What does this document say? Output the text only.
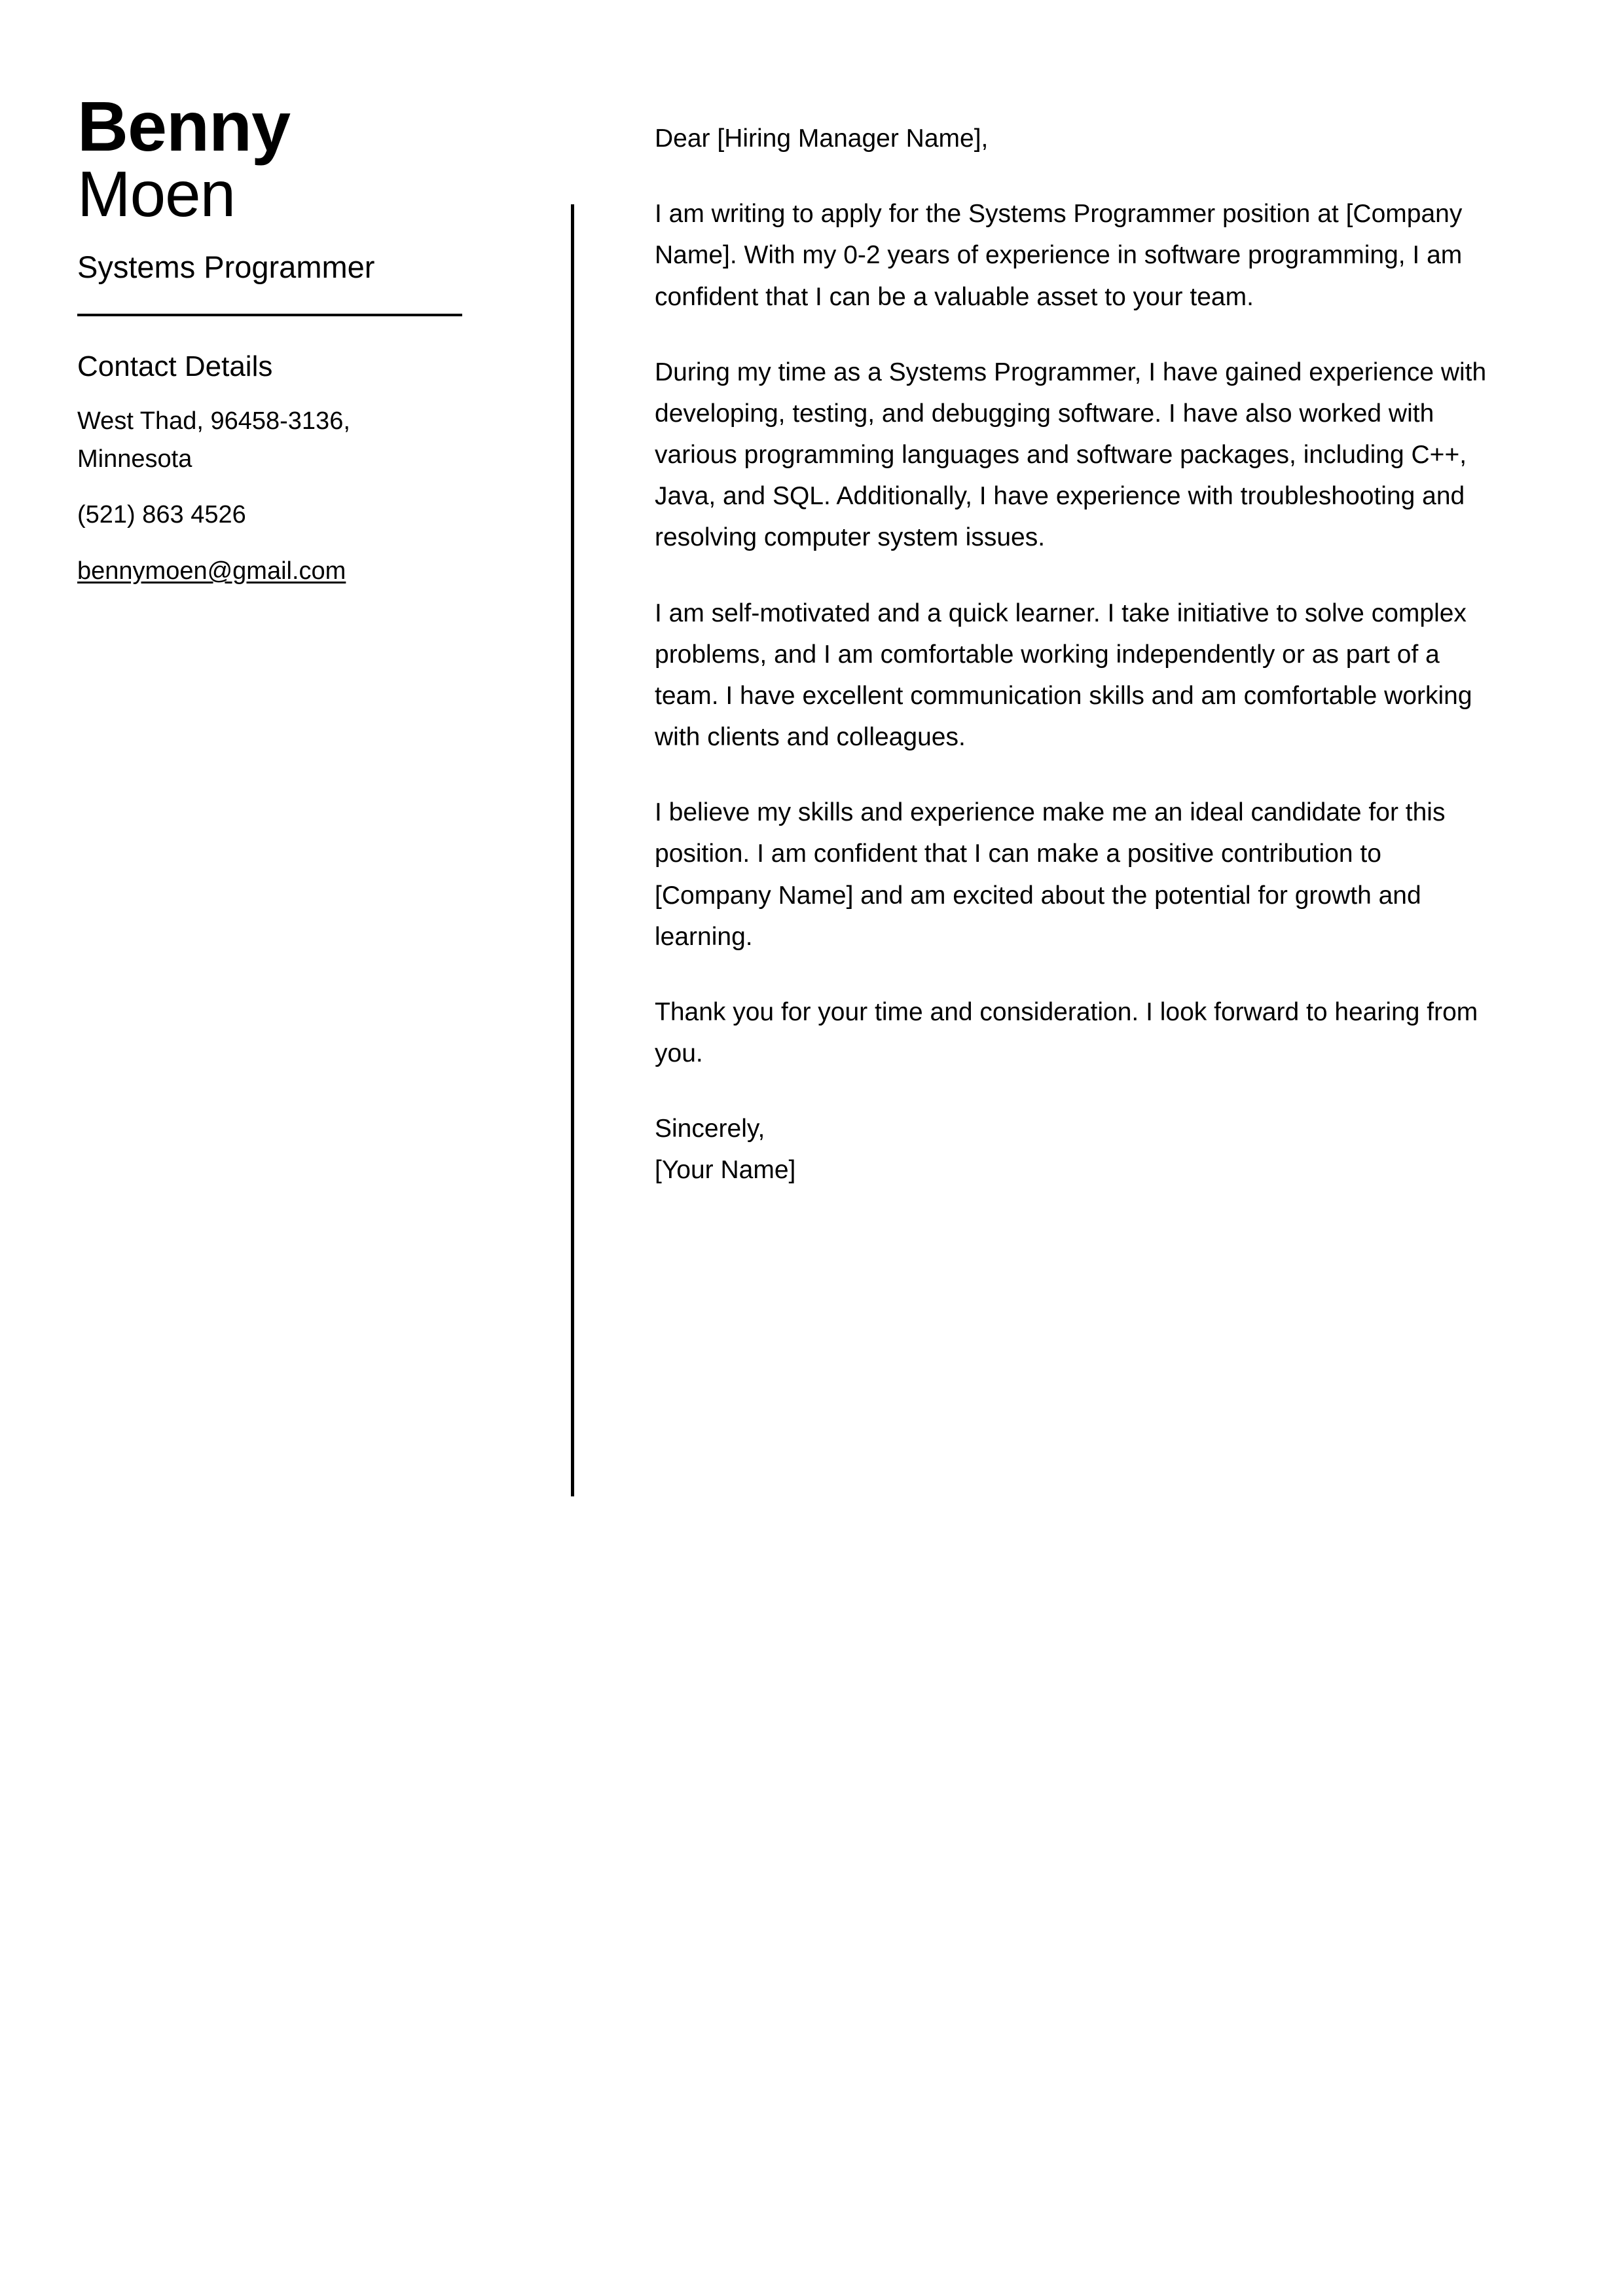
Benny
Moen
Systems Programmer
Contact Details
West Thad, 96458-3136, Minnesota
(521) 863 4526
bennymoen@gmail.com

Dear [Hiring Manager Name],

I am writing to apply for the Systems Programmer position at [Company Name]. With my 0-2 years of experience in software programming, I am confident that I can be a valuable asset to your team.

During my time as a Systems Programmer, I have gained experience with developing, testing, and debugging software. I have also worked with various programming languages and software packages, including C++, Java, and SQL. Additionally, I have experience with troubleshooting and resolving computer system issues.

I am self-motivated and a quick learner. I take initiative to solve complex problems, and I am comfortable working independently or as part of a team. I have excellent communication skills and am comfortable working with clients and colleagues.

I believe my skills and experience make me an ideal candidate for this position. I am confident that I can make a positive contribution to [Company Name] and am excited about the potential for growth and learning.

Thank you for your time and consideration. I look forward to hearing from you.

Sincerely,
[Your Name]
